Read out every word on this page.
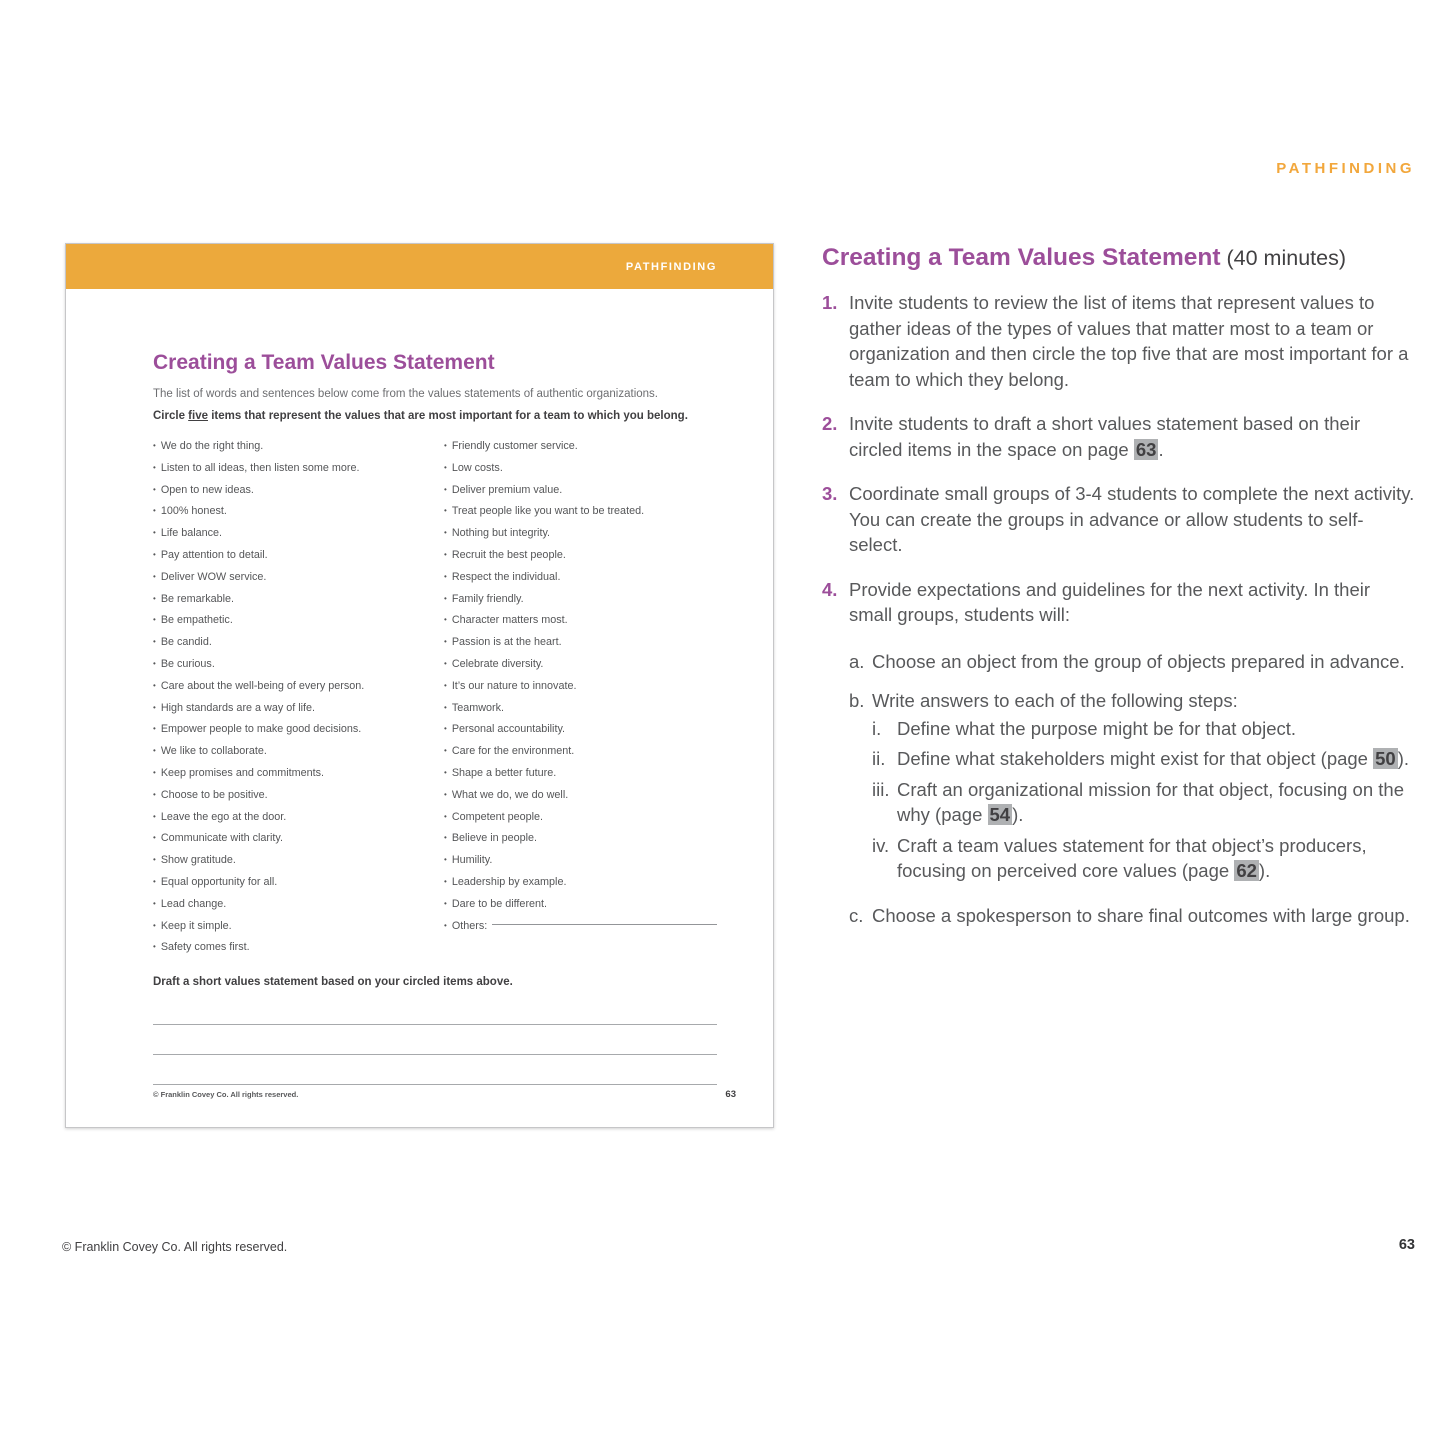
PATHFINDING
PATHFINDING
Creating a Team Values Statement

The list of words and sentences below come from the values statements of authentic organizations.

Circle five items that represent the values that are most important for a team to which you belong.

• We do the right thing.
• Listen to all ideas, then listen some more.
• Open to new ideas.
• 100% honest.
• Life balance.
• Pay attention to detail.
• Deliver WOW service.
• Be remarkable.
• Be empathetic.
• Be candid.
• Be curious.
• Care about the well-being of every person.
• High standards are a way of life.
• Empower people to make good decisions.
• We like to collaborate.
• Keep promises and commitments.
• Choose to be positive.
• Leave the ego at the door.
• Communicate with clarity.
• Show gratitude.
• Equal opportunity for all.
• Lead change.
• Keep it simple.
• Safety comes first.
• Friendly customer service.
• Low costs.
• Deliver premium value.
• Treat people like you want to be treated.
• Nothing but integrity.
• Recruit the best people.
• Respect the individual.
• Family friendly.
• Character matters most.
• Passion is at the heart.
• Celebrate diversity.
• It’s our nature to innovate.
• Teamwork.
• Personal accountability.
• Care for the environment.
• Shape a better future.
• What we do, we do well.
• Competent people.
• Believe in people.
• Humility.
• Leadership by example.
• Dare to be different.
• Others:

Draft a short values statement based on your circled items above.

© Franklin Covey Co. All rights reserved.	63
Creating a Team Values Statement (40 minutes)
1. Invite students to review the list of items that represent values to gather ideas of the types of values that matter most to a team or organization and then circle the top five that are most important for a team to which they belong.
2. Invite students to draft a short values statement based on their circled items in the space on page 63 .
3. Coordinate small groups of 3-4 students to complete the next activity. You can create the groups in advance or allow students to self-select.
4. Provide expectations and guidelines for the next activity. In their small groups, students will:
a. Choose an object from the group of objects prepared in advance.
b. Write answers to each of the following steps:
i. Define what the purpose might be for that object.
ii. Define what stakeholders might exist for that object (page 50 ).
iii. Craft an organizational mission for that object, focusing on the why (page 54 ).
iv. Craft a team values statement for that object’s producers, focusing on perceived core values (page 62 ).
c. Choose a spokesperson to share final outcomes with large group.
© Franklin Covey Co. All rights reserved.	63
